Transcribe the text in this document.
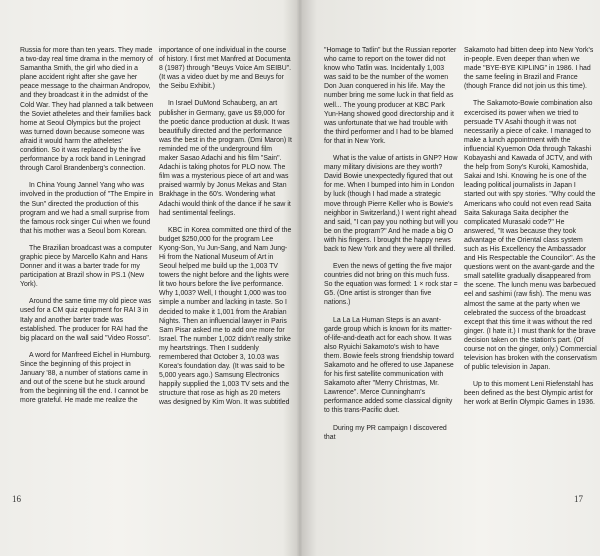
Russia for more than ten years. They made a two-day real time drama in the memory of Samantha Smith, the girl who died in a plane accident right after she gave her peace message to the chairman Andropov, and they broadcast it in the admidst of the Cold War. They had planned a talk between the Soviet atheletes and their families back home at Seoul Olympics but the project was turned down because someone was afraid it would harm the atheletes' condition. So it was replaced by the live performance by a rock band in Leningrad through Carol Brandenberg's connection.

In China Young Jannel Yang who was involved in the production of "The Empire in the Sun" directed the production of this program and we had a small surprise from the famous rock singer Cui when we found that his mother was a Seoul born Korean.

The Brazilian broadcast was a computer graphic piece by Marcello Kahn and Hans Donner and it was a barter trade for my participation at Brazil show in PS.1 (New York).

Around the same time my old piece was used for a CM quiz equipment for RAI 3 in Italy and another barter trade was established. The producer for RAI had the big placard on the wall said "Video Rosso".

A word for Manfreed Eichel in Hurnburg. Since the beginning of this project in January '88, a number of stations came in and out of the scene but he stuck around from the beginning till the end. I cannot be more grateful. He made me realize the

importance of one individual in the course of history. I first met Manfred at Documenta 8 (1987) through "Beuys Voice Am SEIBU". (It was a video duet by me and Beuys for the Seibu Exhibit.)

In Israel DuMond Schauberg, an art publisher in Germany, gave us $9,000 for the poetic dance production at dusk. It was beautifully directed and the performance was the best in the program. (Dmi Maron) It reminded me of the underground film maker Sasao Adachi and his film "Sain". Adachi is taking photos for PLO now. The film was a mysterious piece of art and was praised warmly by Jonus Mekas and Stan Brakhage in the 60's. Wondering what Adachi would think of the dance if he saw it had sentimental feelings.

KBC in Korea committed one third of the budget $250,000 for the program Lee Kyong-Son, Yu Jun-Sang, and Nam Jung-Hi from the National Museum of Art in Seoul helped me build up the 1,003 TV towers the night before and the lights were lit two hours before the live performance. Why 1,003? Well, I thought 1,000 was too simple a number and lacking in taste. So I decided to make it 1,001 from the Arabian Nights. Then an influencial lawyer in Paris Sam Pisar asked me to add one more for Israel. The number 1,002 didn't really strike my heartstrings. Then I suddenly remembered that October 3, 10.03 was Korea's foundation day. (It was said to be 5,000 years ago.) Samsung Electronics happily supplied the 1,003 TV sets and the structure that rose as high as 20 meters was designed by Kim Won. It was subtitled

16

"Homage to Tatlin" but the Russian reporter who came to report on the tower did not know who Tatlin was. Incidentally 1,003 was said to be the number of the women Don Juan conquered in his life. May the number bring me some luck in that field as well... The young producer at KBC Park Yun-Hang showed good directorship and it was unfortunate that we had trouble with the third performer and I had to be blamed for that in New York.

What is the value of artists in GNP? How many military divisions are they worth? David Bowie unexpectedly figured that out for me. When I bumped into him in London by luck (though I had made a strategic move through Pierre Keller who is Bowie's neighbor in Switzerland,) I went right ahead and said, "I can pay you nothing but will you be on the program?" And he made a big O with his fingers. I brought the happy news back to New York and they were all thrilled.

Even the news of getting the five major countries did not bring on this much fuss. So the equation was formed: 1 × rock star = G5. (One artist is stronger than five nations.)

La La La Human Steps is an avant-garde group which is known for its matter-of-life-and-death act for each show. It was also Ryuichi Sakamoto's wish to have them. Bowie feels strong friendship toward Sakamoto and he offered to use Japanese for his first satellite communication with Sakamoto after "Merry Christmas, Mr. Lawrence". Merce Cunningham's performance added some classical dignity to this trans-Pacific duet.

During my PR campaign I discovered that

Sakamoto had bitten deep into New York's in-people. Even deeper than when we made "BYE-BYE KIPLING" in 1986. I had the same feeling in Brazil and France (though France did not join us this time).

The Sakamoto-Bowie combination also excercised its power when we tried to persuade TV Asahi though it was not necessarily a piece of cake. I managed to make a lunch appointment with the influencial Kyuemon Oda through Takashi Kobayashi and Kawada of JCTV, and with the help from Sony's Kuroki, Kamoshida, Sakai and Ishi. Knowing he is one of the leading political journalists in Japan I started out with spy stories. "Why could the Americans who could not even read Saita Saita Sakuraga Saita decipher the complicated Murasaki code?" He answered, "It was because they took advantage of the Oriental class system such as His Excellency the Ambassador and His Respectable the Councilor". As the questions went on the avant-garde and the small satellite gradually disappeared from the scene. The lunch menu was barbecued eel and sashimi (raw fish). The menu was almost the same at the party when we celebrated the success of the broadcast except that this time it was without the red ginger. (I hate it.) I must thank for the brave decision taken on the station's part. (Of course not on the ginger, only.) Commercial television has broken with the conservatism of public television in Japan.

Up to this moment Leni Riefenstahl has been defined as the best Olympic artist for her work at Berlin Olympic Games in 1936.

17
